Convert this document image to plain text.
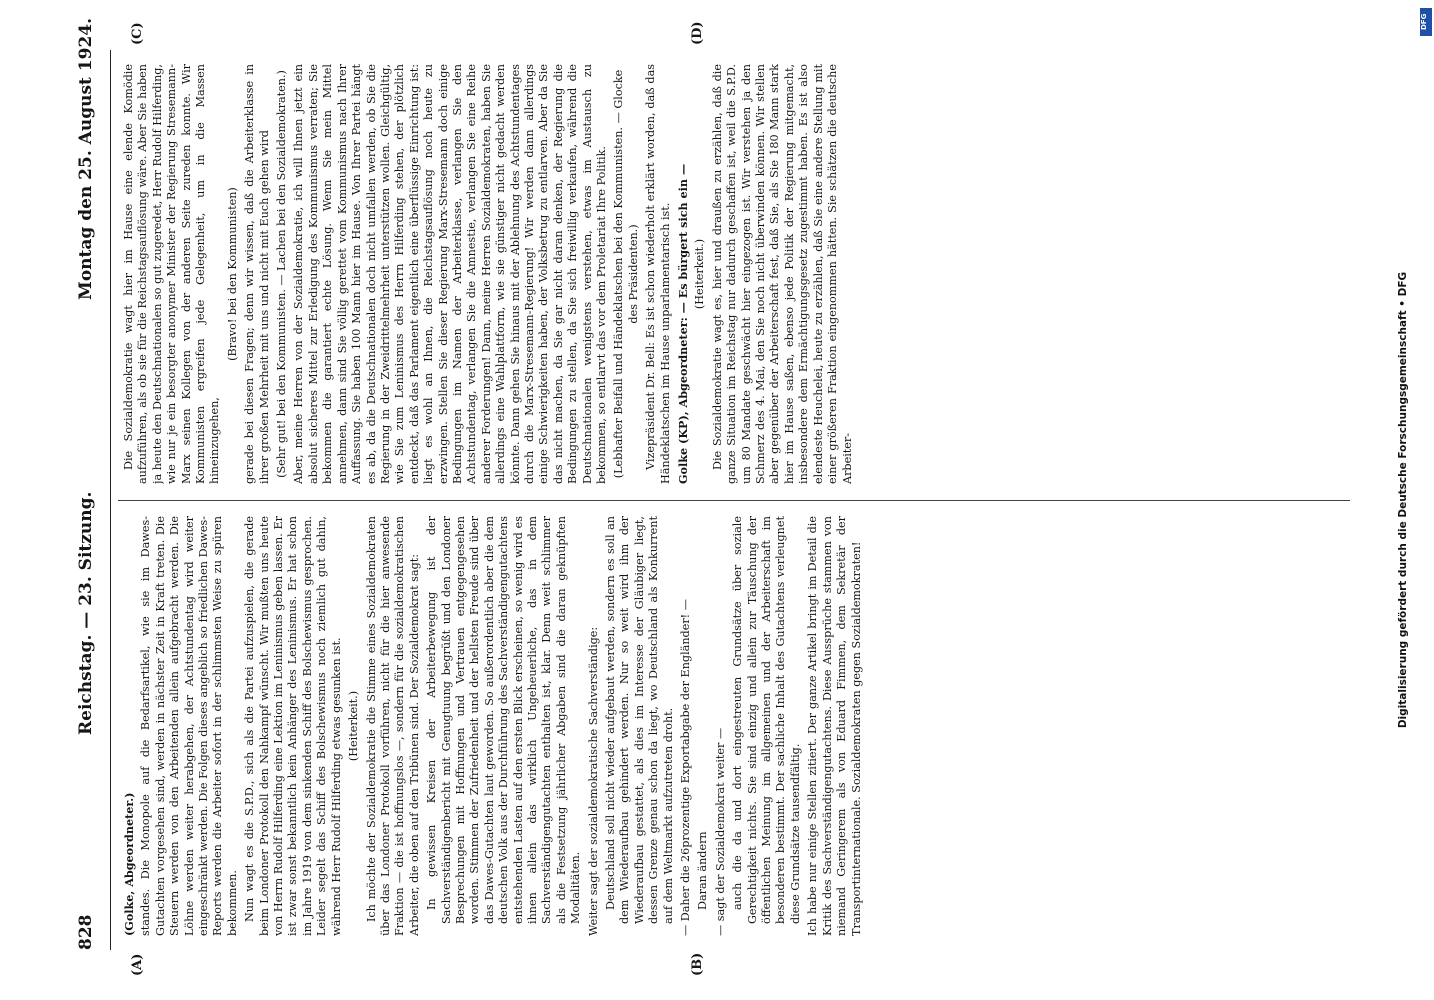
828
Reichstag. — 23. Sitzung.
Montag den 25. August 1924.
(A)	(B)
(C)	(D)

(Golke, Abgeordneter.) standes. Die Monopole auf die Bedarfsartikel, wie sie im Dawes-Gutachten vorgesehen sind, werden in nächster Zeit in Kraft treten. Die Steuern werden von den Arbeitenden allein aufgebracht werden. Die Löhne werden weiter herabgehen, der Achtstundentag wird weiter eingeschränkt werden. Die Folgen dieses angeblich so friedlichen Dawes-Reports werden die Arbeiter sofort in der schlimmsten Weise zu spüren bekommen. Nun wagt es die S.P.D., sich als die Partei aufzuspielen, die gerade beim Londoner Protokoll den Nahkampf wünscht. Wir mußten uns heute von Herrn Rudolf Hilferding eine Lektion im Leninismus geben lassen. Er ist zwar sonst bekanntlich kein Anhänger des Leninismus. Er hat schon im Jahre 1919 von dem sinkenden Schiff des Bolschewismus gesprochen. Leider segelt das Schiff des Bolschewismus noch ziemlich gut dahin, während Herr Rudolf Hilferding etwas gesunken ist. (Heiterkeit.) Ich möchte der Sozialdemokratie die Stimme eines Sozialdemokraten über das Londoner Protokoll vorführen, nicht für die hier anwesende Fraktion — die ist hoffnungslos —, sondern für die sozialdemokratischen Arbeiter, die oben auf den Tribünen sind. Der Sozialdemokrat sagt: In gewissen Kreisen der Arbeiterbewegung ist der Sachverständigenbericht mit Genugtuung begrüßt und den Londoner Besprechungen mit Hoffnungen und Vertrauen entgegengesehen worden. Stimmen der Zufriedenheit und der hellsten Freude sind über das Dawes-Gutachten laut geworden. So außerordentlich aber die dem deutschen Volk aus der Durchführung des Sachverständigengutachtens entstehenden Lasten auf den ersten Blick erscheinen, so wenig wird es ihnen allein das wirklich Ungeheuerliche, das in dem Sachverständigengutachten enthalten ist, klar. Denn weit schlimmer als die Festsetzung jährlicher Abgaben sind die daran geknüpften Modalitäten. Weiter sagt der sozialdemokratische Sachverständige: Deutschland soll nicht wieder aufgebaut werden, sondern es soll an dem Wiederaufbau gehindert werden. Nur so weit wird ihm der Wiederaufbau gestattet, als dies im Interesse der Gläubiger liegt, dessen Grenze genau schon da liegt, wo Deutschland als Konkurrent auf dem Weltmarkt aufzutreten droht. — Daher die 26prozentige Exportabgabe der Engländer! — Daran ändern — sagt der Sozialdemokrat weiter — auch die da und dort eingestreuten Grundsätze über soziale Gerechtigkeit nichts. Sie sind einzig und allein zur Täuschung der öffentlichen Meinung im allgemeinen und der Arbeiterschaft im besonderen bestimmt. Der sachliche Inhalt des Gutachtens verleugnet diese Grundsätze tausendfältig. Ich habe nur einige Stellen zitiert. Der ganze Artikel bringt im Detail die Kritik des Sachverständigengutachtens. Diese Aussprüche stammen von niemand Geringerem als von Eduard Fimmen, dem Sekretär der Transportinternationale. Sozialdemokraten gegen Sozialdemokraten!

Die Sozialdemokratie wagt hier im Hause eine elende Komödie aufzuführen, als ob sie für die Reichstagsauflösung wäre. Aber Sie haben ja heute den Deutschnationalen so gut zugeredet, Herr Rudolf Hilferding, wie nur je ein besorgter anonymer Minister der Regierung Stresemann-Marx seinen Kollegen von der anderen Seite zureden konnte. Wir Kommunisten ergreifen jede Gelegenheit, um in die Massen hineinzugehen,

(Bravo! bei den Kommunisten) gerade bei diesen Fragen; denn wir wissen, daß die Arbeiterklasse in ihrer großen Mehrheit mit uns und nicht mit Euch gehen wird (Sehr gut! bei den Kommunisten. — Lachen bei den Sozialdemokraten.) Aber, meine Herren von der Sozialdemokratie, ich will Ihnen jetzt ein absolut sicheres Mittel zur Erledigung des Kommunismus verraten; Sie bekommen die garantiert echte Lösung. Wenn Sie mein Mittel annehmen, dann sind Sie völlig gerettet vom Kommunismus nach Ihrer Auffassung. Sie haben 100 Mann hier im Hause. Von Ihrer Partei hängt es ab, da die Deutschnationalen doch nicht umfallen werden, ob Sie die Regierung in der Zweidrittelmehrheit unterstützen wollen. Gleichgültig, wie Sie zum Leninismus des Herrn Hilferding stehen, der plötzlich entdeckt, daß das Parlament eigentlich eine überflüssige Einrichtung ist: liegt es wohl an Ihnen, die Reichstagsauflösung noch heute zu erzwingen. Stellen Sie dieser Regierung Marx-Stresemann doch einige Bedingungen im Namen der Arbeiterklasse, verlangen Sie den Achtstundentag, verlangen Sie die Amnestie, verlangen Sie eine Reihe anderer Forderungen! Dann, meine Herren Sozialdemokraten, haben Sie allerdings eine Wahlplattform, wie sie günstiger nicht gedacht werden könnte. Dann gehen Sie hinaus mit der Ablehnung des Achtstundentages durch die Marx-Stresemann-Regierung! Wir werden dann allerdings einige Schwierigkeiten haben, der Volksbetrug zu entlarven. Aber da Sie das nicht machen, da Sie gar nicht daran denken, der Regierung die Bedingungen zu stellen, da Sie sich freiwillig verkaufen, während die Deutschnationalen wenigstens verstehen, etwas im Austausch zu bekommen, so entlarvt das vor dem Proletariat Ihre Politik. (Lebhafter Beifall und Händeklatschen bei den Kommunisten. — Glocke des Präsidenten.) Vizepräsident Dr. Bell: Es ist schon wiederholt erklärt worden, daß das Händeklatschen im Hause unparlamentarisch ist. Golke (KP), Abgeordneter: — Es bürgert sich ein — (Heiterkeit.) Die Sozialdemokratie wagt es, hier und draußen zu erzählen, daß die ganze Situation im Reichstag nur dadurch geschaffen ist, weil die S.P.D. um 80 Mandate geschwächt hier eingezogen ist. Wir verstehen ja den Schmerz des 4. Mai, den Sie noch nicht überwinden können. Wir stellen aber gegenüber der Arbeiterschaft fest, daß Sie, als Sie 180 Mann stark hier im Hause saßen, ebenso jede Politik der Regierung mitgemacht, insbesondere dem Ermächtigungsgesetz zugestimmt haben. Es ist also elendeste Heuchelei, heute zu erzählen, daß Sie eine andere Stellung mit einer größeren Fraktion eingenommen hätten. Sie schätzen die deutsche Arbeiter-	Digitalisierung gefördert durch die Deutsche Forschungsgemeinschaft • DFG
DFG
